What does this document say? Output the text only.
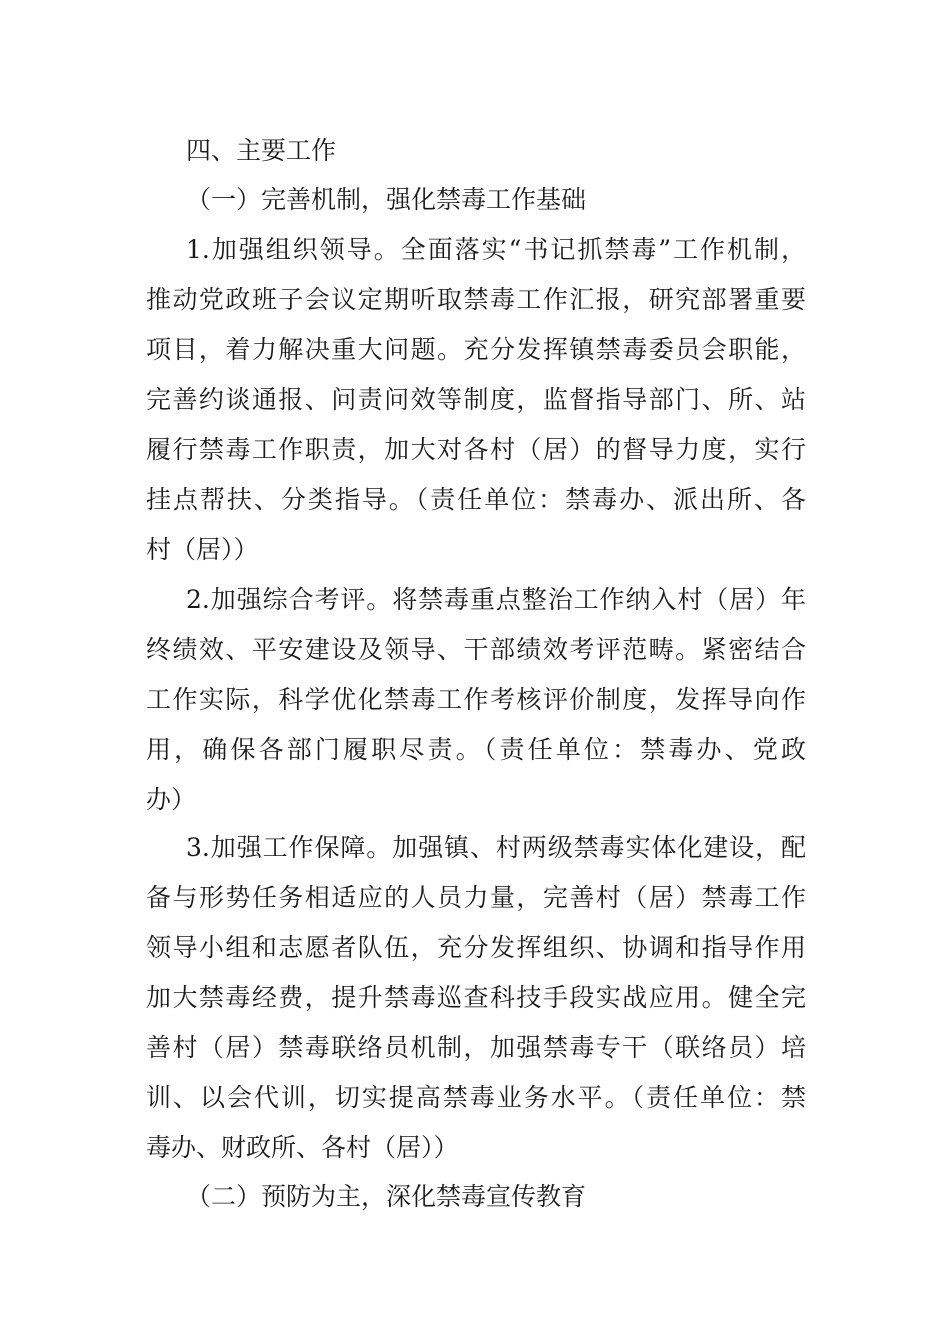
四、主要工作
（一）完善机制，强化禁毒工作基础
1.加强组织领导。全面落实“书记抓禁毒”工作机制，
推动党政班子会议定期听取禁毒工作汇报，研究部署重要
项目，着力解决重大问题。充分发挥镇禁毒委员会职能，
完善约谈通报、问责问效等制度，监督指导部门、所、站
履行禁毒工作职责，加大对各村（居）的督导力度，实行
挂点帮扶、分类指导。（责任单位：禁毒办、派出所、各
村（居））
2.加强综合考评。将禁毒重点整治工作纳入村（居）年
终绩效、平安建设及领导、干部绩效考评范畴。紧密结合
工作实际，科学优化禁毒工作考核评价制度，发挥导向作
用，确保各部门履职尽责。（责任单位：禁毒办、党政
办）
3.加强工作保障。加强镇、村两级禁毒实体化建设，配
备与形势任务相适应的人员力量，完善村（居）禁毒工作
领导小组和志愿者队伍，充分发挥组织、协调和指导作用
加大禁毒经费，提升禁毒巡查科技手段实战应用。健全完
善村（居）禁毒联络员机制，加强禁毒专干（联络员）培
训、以会代训，切实提高禁毒业务水平。（责任单位：禁
毒办、财政所、各村（居））
（二）预防为主，深化禁毒宣传教育
